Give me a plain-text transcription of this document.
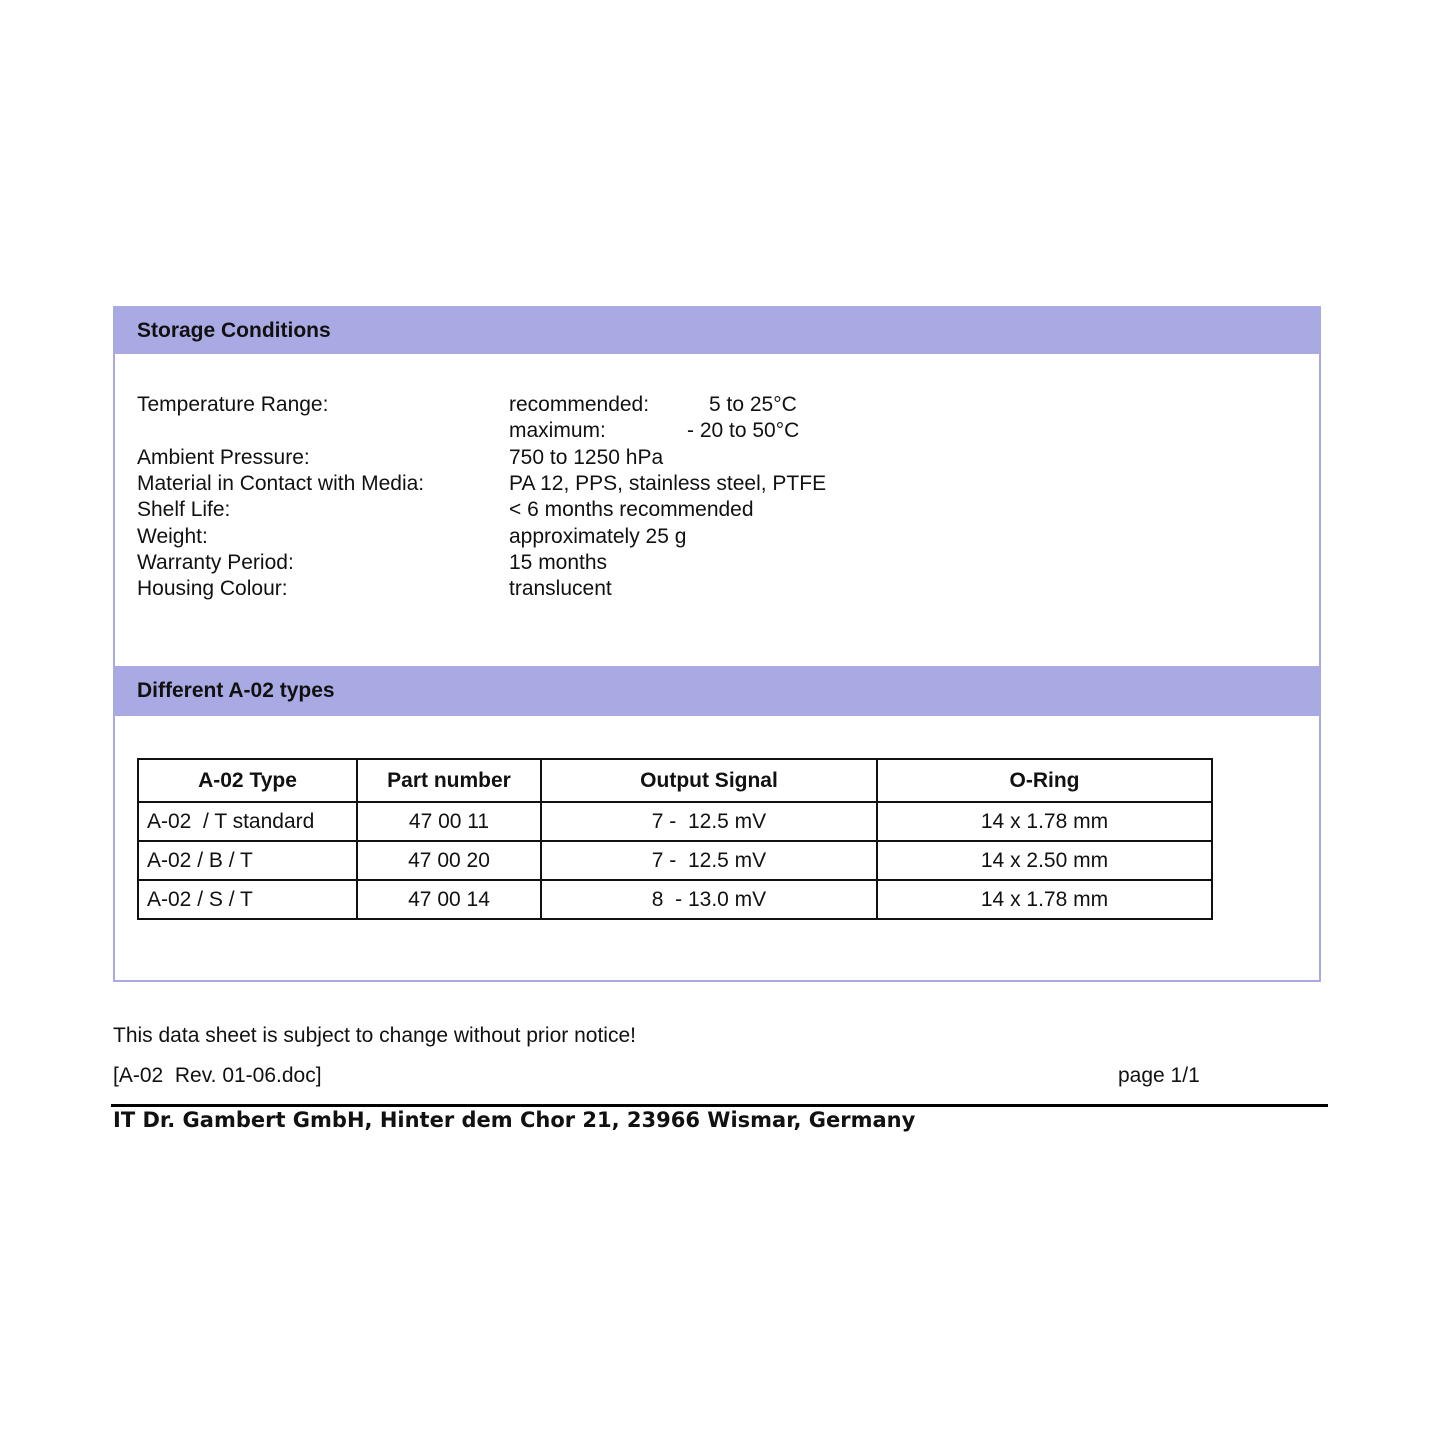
Storage Conditions
Temperature Range:	recommended:	5 to 25°C
maximum:	- 20 to 50°C
Ambient Pressure:	750 to 1250 hPa
Material in Contact with Media:	PA 12, PPS, stainless steel, PTFE
Shelf Life:	< 6 months recommended
Weight:	approximately 25 g
Warranty Period:	15 months
Housing Colour:	translucent
Different A-02 types
A-02 Type	Part number	Output Signal	O-Ring
A-02  / T standard	47 00 11	7 -  12.5 mV	14 x 1.78 mm
A-02 / B / T	47 00 20	7 -  12.5 mV	14 x 2.50 mm
A-02 / S / T	47 00 14	8  - 13.0 mV	14 x 1.78 mm
This data sheet is subject to change without prior notice!
[A-02  Rev. 01-06.doc]	page 1/1
IT Dr. Gambert GmbH, Hinter dem Chor 21, 23966 Wismar, Germany
